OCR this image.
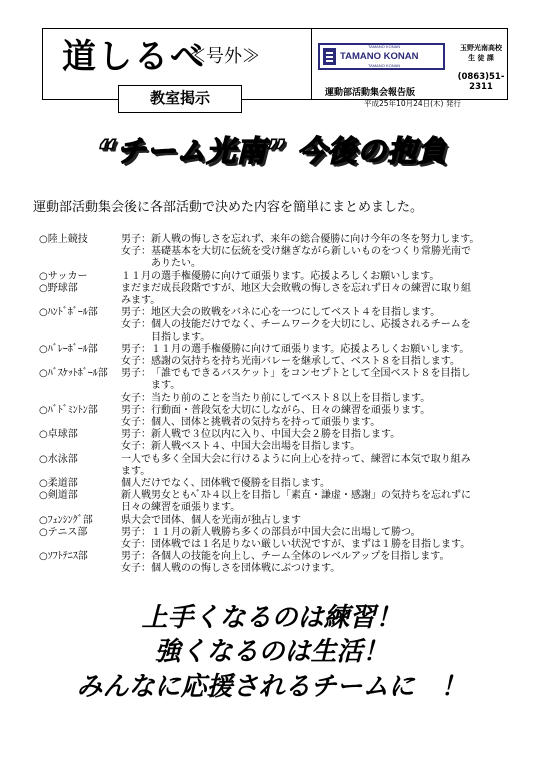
道しるべ
≪号外≫
教室掲示
TAMANO KONAN
TAMANO KONAN
TAMANO KONAN
玉野光南高校
生 徒 課
(0863)51-2311
運動部活動集会報告版
平成25年10月24日(木) 発行
“チーム光南” 今後の抱負
運動部活動集会後に各部活動で決めた内容を簡単にまとめました。
○陸上競技	男子： 新人戦の悔しさを忘れず、来年の総合優勝に向け今年の冬を努力します。
女子： 基礎基本を大切に伝統を受け継ぎながら新しいものをつくり常勝光南で
ありたい。
○サッカー	１１月の選手権優勝に向けて頑張ります。応援よろしくお願いします。
○野球部	まだまだ成長段階ですが、地区大会敗戦の悔しさを忘れず日々の練習に取り組
みます。
○ﾊﾝﾄﾞﾎﾞｰﾙ部	男子： 地区大会の敗戦をバネに心を一つにしてベスト４を目指します。
女子： 個人の技能だけでなく、チームワークを大切にし、応援されるチームを
目指します。
○ﾊﾞﾚｰﾎﾞｰﾙ部	男子： １１月の選手権優勝に向けて頑張ります。応援よろしくお願いします。
女子： 感謝の気持ちを持ち光南バレーを継承して、ベスト８を目指します。
○ﾊﾞｽｹｯﾄﾎﾞｰﾙ部	男子： 「誰でもできるバスケット」をコンセプトとして全国ベスト８を目指し
ます。
女子： 当たり前のことを当たり前にしてベスト８以上を目指します。
○ﾊﾞﾄﾞﾐﾝﾄﾝ部	男子： 行動面・普段気を大切にしながら、日々の練習を頑張ります。
女子： 個人、団体と挑戦者の気持ちを持って頑張ります。
○卓球部	男子： 新人戦で３位以内に入り、中国大会２勝を目指します。
女子： 新人戦ベスト４、中国大会出場を目指します。
○水泳部	一人でも多く全国大会に行けるように向上心を持って、練習に本気で取り組み
ます。
○柔道部	個人だけでなく、団体戦で優勝を目指します。
○剣道部	新人戦男女ともﾍﾞｽﾄ４以上を目指し「素直・謙虚・感謝」の気持ちを忘れずに
日々の練習を頑張ります。
○ﾌｪﾝｼﾝｸﾞ部	県大会で団体、個人を光南が独占します
○テニス部	男子： １１月の新人戦勝ち多くの部員が中国大会に出場して勝つ。
女子： 団体戦では１名足りない厳しい状況ですが、まずは１勝を目指します。
○ｿﾌﾄﾃﾆｽ部	男子： 各個人の技能を向上し、チーム全体のレベルアップを目指します。
女子： 個人戦のの悔しさを団体戦にぶつけます。
上手くなるのは練習！
強くなるのは生活！
みんなに応援されるチームに　！
